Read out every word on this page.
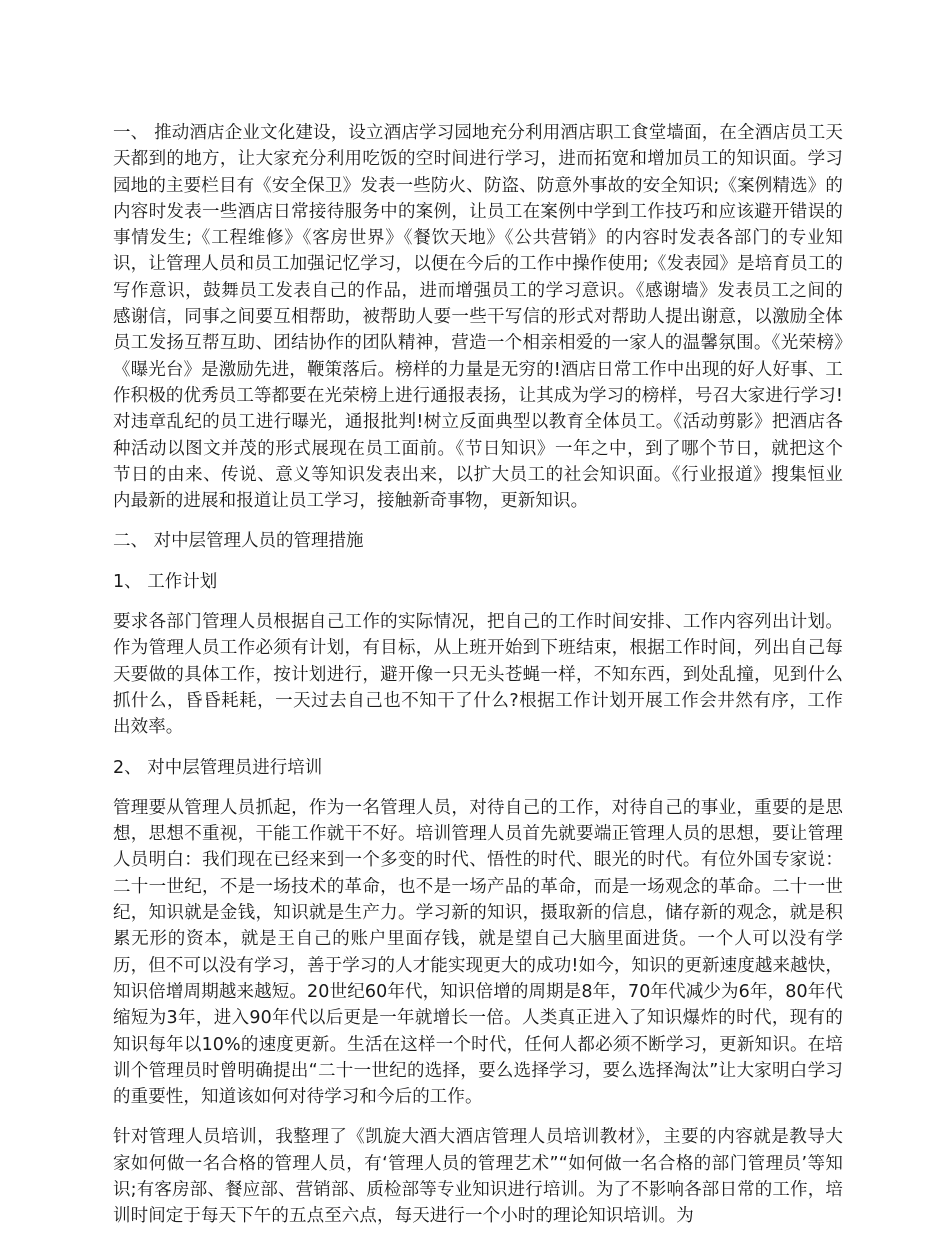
一、 推动酒店企业文化建设，设立酒店学习园地充分利用酒店职工食堂墙面，在全酒店员工天天都到的地方，让大家充分利用吃饭的空时间进行学习，进而拓宽和增加员工的知识面。学习园地的主要栏目有《安全保卫》发表一些防火、防盗、防意外事故的安全知识;《案例精选》的内容时发表一些酒店日常接待服务中的案例，让员工在案例中学到工作技巧和应该避开错误的事情发生;《工程维修》《客房世界》《餐饮天地》《公共营销》的内容时发表各部门的专业知识，让管理人员和员工加强记忆学习，以便在今后的工作中操作使用;《发表园》是培育员工的写作意识，鼓舞员工发表自己的作品，进而增强员工的学习意识。《感谢墙》发表员工之间的感谢信，同事之间要互相帮助，被帮助人要一些干写信的形式对帮助人提出谢意，以激励全体员工发扬互帮互助、团结协作的团队精神，营造一个相亲相爱的一家人的温馨氛围。《光荣榜》《曝光台》是激励先进，鞭策落后。榜样的力量是无穷的!酒店日常工作中出现的好人好事、工作积极的优秀员工等都要在光荣榜上进行通报表扬，让其成为学习的榜样，号召大家进行学习!对违章乱纪的员工进行曝光，通报批判!树立反面典型以教育全体员工。《活动剪影》把酒店各种活动以图文并茂的形式展现在员工面前。《节日知识》一年之中，到了哪个节日，就把这个节日的由来、传说、意义等知识发表出来，以扩大员工的社会知识面。《行业报道》搜集恒业内最新的进展和报道让员工学习，接触新奇事物，更新知识。

二、 对中层管理人员的管理措施

1、 工作计划

要求各部门管理人员根据自己工作的实际情况，把自己的工作时间安排、工作内容列出计划。作为管理人员工作必须有计划，有目标，从上班开始到下班结束，根据工作时间，列出自己每天要做的具体工作，按计划进行，避开像一只无头苍蝇一样，不知东西，到处乱撞，见到什么抓什么，昏昏耗耗，一天过去自己也不知干了什么?根据工作计划开展工作会井然有序，工作出效率。

2、 对中层管理员进行培训

管理要从管理人员抓起，作为一名管理人员，对待自己的工作，对待自己的事业，重要的是思想，思想不重视，干能工作就干不好。培训管理人员首先就要端正管理人员的思想，要让管理人员明白：我们现在已经来到一个多变的时代、悟性的时代、眼光的时代。有位外国专家说：二十一世纪，不是一场技术的革命，也不是一场产品的革命，而是一场观念的革命。二十一世纪，知识就是金钱，知识就是生产力。学习新的知识，摄取新的信息，储存新的观念，就是积累无形的资本，就是王自己的账户里面存钱，就是望自己大脑里面进货。一个人可以没有学历，但不可以没有学习，善于学习的人才能实现更大的成功!如今，知识的更新速度越来越快，知识倍增周期越来越短。20世纪60年代，知识倍增的周期是8年，70年代减少为6年，80年代缩短为3年，进入90年代以后更是一年就增长一倍。人类真正进入了知识爆炸的时代，现有的知识每年以10%的速度更新。生活在这样一个时代，任何人都必须不断学习，更新知识。在培训个管理员时曾明确提出“二十一世纪的选择，要么选择学习，要么选择淘汰”让大家明白学习的重要性，知道该如何对待学习和今后的工作。

针对管理人员培训，我整理了《凯旋大酒大酒店管理人员培训教材》，主要的内容就是教导大家如何做一名合格的管理人员，有‘管理人员的管理艺术”“如何做一名合格的部门管理员’等知识;有客房部、餐应部、营销部、质检部等专业知识进行培训。为了不影响各部日常的工作，培训时间定于每天下午的五点至六点，每天进行一个小时的理论知识培训。为
